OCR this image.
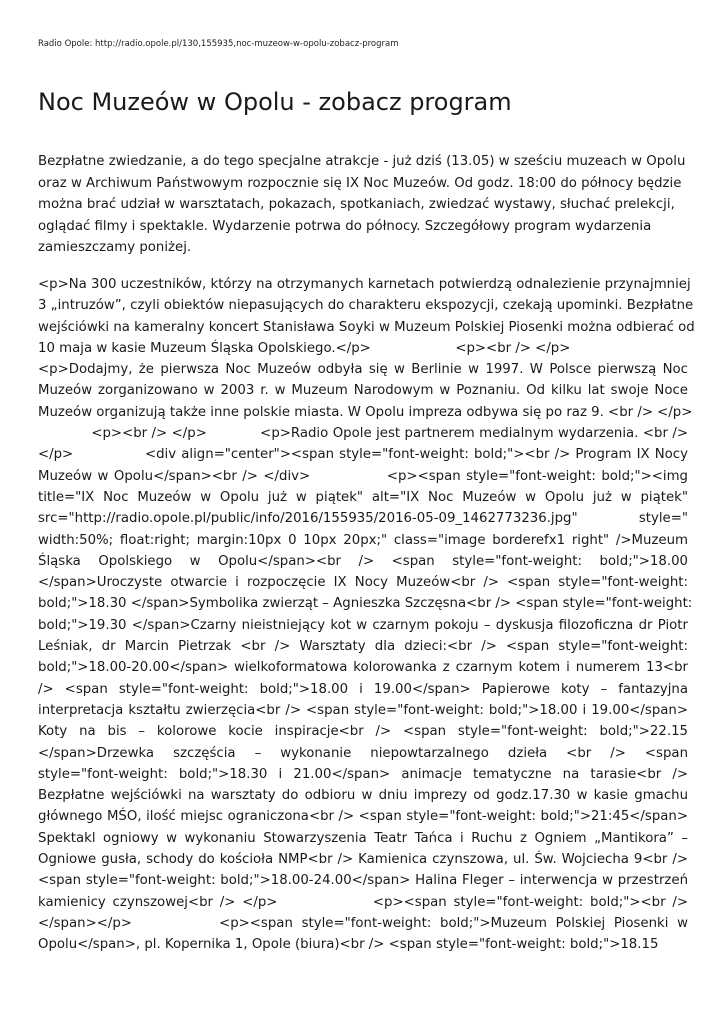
Radio Opole: http://radio.opole.pl/130,155935,noc-muzeow-w-opolu-zobacz-program
Noc Muzeów w Opolu - zobacz program

Bezpłatne zwiedzanie, a do tego specjalne atrakcje - już dziś (13.05) w sześciu muzeach w Opolu oraz w Archiwum Państwowym rozpocznie się IX Noc Muzeów. Od godz. 18:00 do północy będzie można brać udział w warsztatach, pokazach, spotkaniach, zwiedzać wystawy, słuchać prelekcji, oglądać filmy i spektakle. Wydarzenie potrwa do północy. Szczegółowy program wydarzenia zamieszczamy poniżej.

<p>Na 300 uczestników, którzy na otrzymanych karnetach potwierdzą odnalezienie przynajmniej
3 „intruzów”, czyli obiektów niepasujących do charakteru ekspozycji, czekają upominki. Bezpłatne
wejściówki na kameralny koncert Stanisława Soyki w Muzeum Polskiej Piosenki można odbierać od
10 maja w kasie Muzeum Śląska Opolskiego.</p>                    <p><br /> </p>
<p>Dodajmy, że pierwsza Noc Muzeów odbyła się w Berlinie w 1997. W Polsce pierwszą Noc
Muzeów zorganizowano w 2003 r. w Muzeum Narodowym w Poznaniu. Od kilku lat swoje Noce
Muzeów organizują także inne polskie miasta. W Opolu impreza odbywa się po raz 9. <br /> </p>
<p><br /> </p>            <p>Radio Opole jest partnerem medialnym wydarzenia. <br />
</p>              <div align="center"><span style="font-weight: bold;"><br /> Program IX Nocy
Muzeów w Opolu</span><br /> </div>              <p><span style="font-weight: bold;"><img
title="IX Noc Muzeów w Opolu już w piątek" alt="IX Noc Muzeów w Opolu już w piątek"
src="http://radio.opole.pl/public/info/2016/155935/2016-05-09_1462773236.jpg" style="
width:50%; float:right; margin:10px 0 10px 20px;" class="image borderefx1 right" />Muzeum
Śląska Opolskiego w Opolu</span><br /> <span style="font-weight: bold;">18.00
</span>Uroczyste otwarcie i rozpoczęcie IX Nocy Muzeów<br /> <span style="font-weight:
bold;">18.30 </span>Symbolika zwierząt – Agnieszka Szczęsna<br /> <span style="font-weight:
bold;">19.30 </span>Czarny nieistniejący kot w czarnym pokoju – dyskusja filozoficzna dr Piotr
Leśniak, dr Marcin Pietrzak <br /> Warsztaty dla dzieci:<br /> <span style="font-weight:
bold;">18.00-20.00</span> wielkoformatowa kolorowanka z czarnym kotem i numerem 13<br
/> <span style="font-weight: bold;">18.00 i 19.00</span> Papierowe koty – fantazyjna
interpretacja kształtu zwierzęcia<br /> <span style="font-weight: bold;">18.00 i 19.00</span>
Koty na bis – kolorowe kocie inspiracje<br /> <span style="font-weight: bold;">22.15
</span>Drzewka szczęścia – wykonanie niepowtarzalnego dzieła <br /> <span
style="font-weight: bold;">18.30 i 21.00</span> animacje tematyczne na tarasie<br />
Bezpłatne wejściówki na warsztaty do odbioru w dniu imprezy od godz.17.30 w kasie gmachu
głównego MŚO, ilość miejsc ograniczona<br /> <span style="font-weight: bold;">21:45</span>
Spektakl ogniowy w wykonaniu Stowarzyszenia Teatr Tańca i Ruchu z Ogniem „Mantikora” –
Ogniowe gusła, schody do kościoła NMP<br /> Kamienica czynszowa, ul. Św. Wojciecha 9<br />
<span style="font-weight: bold;">18.00-24.00</span> Halina Fleger – interwencja w przestrzeń
kamienicy czynszowej<br /> </p>              <p><span style="font-weight: bold;"><br />
</span></p>          <p><span style="font-weight: bold;">Muzeum Polskiej Piosenki w
Opolu</span>, pl. Kopernika 1, Opole (biura)<br /> <span style="font-weight: bold;">18.15
